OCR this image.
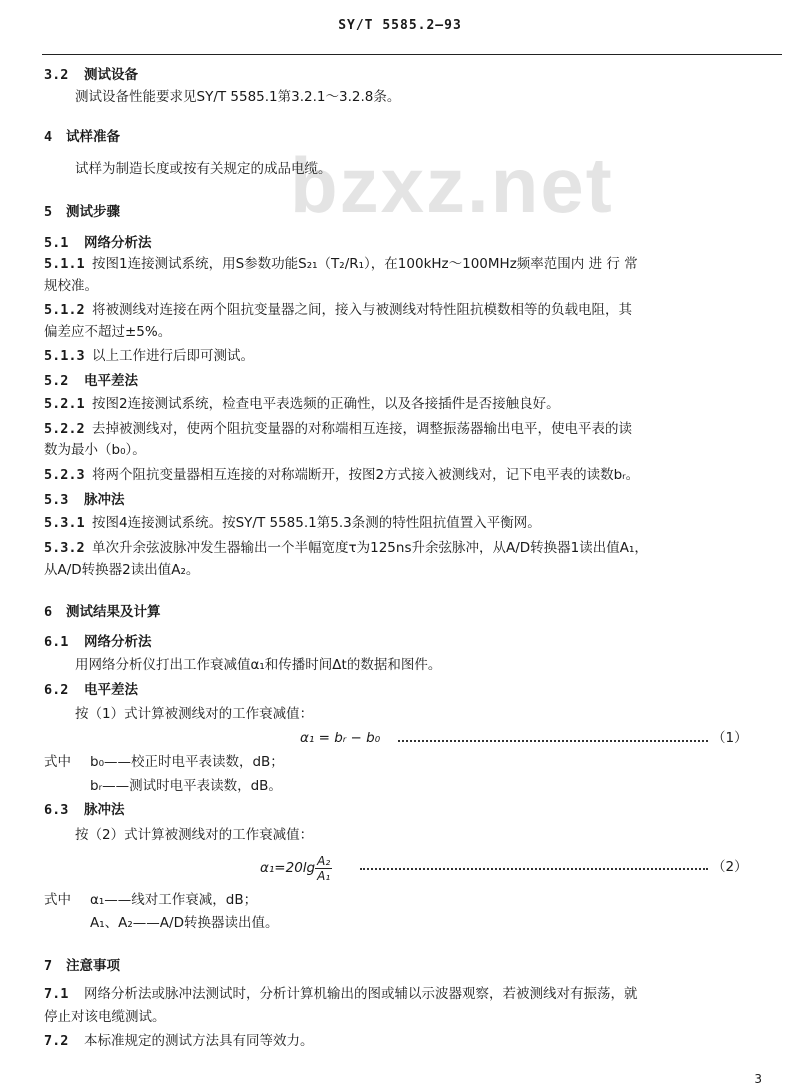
bzxz.net
SY/T 5585.2—93
3.2 测试设备
测试设备性能要求见SY/T 5585.1第3.2.1～3.2.8条。
4 试样准备
试样为制造长度或按有关规定的成品电缆。
5 测试步骤
5.1 网络分析法
5.1.1 按图1连接测试系统，用S参数功能S₂₁（T₂/R₁），在100kHz～100MHz频率范围内 进 行 常
规校准。
5.1.2 将被测线对连接在两个阻抗变量器之间，接入与被测线对特性阻抗模数相等的负载电阻，其
偏差应不超过±5%。
5.1.3 以上工作进行后即可测试。
5.2 电平差法
5.2.1 按图2连接测试系统，检查电平表选频的正确性，以及各接插件是否接触良好。
5.2.2 去掉被测线对，使两个阻抗变量器的对称端相互连接，调整振荡器输出电平，使电平表的读
数为最小（b₀）。
5.2.3 将两个阻抗变量器相互连接的对称端断开，按图2方式接入被测线对，记下电平表的读数bᵣ。
5.3 脉冲法
5.3.1 按图4连接测试系统。按SY/T 5585.1第5.3条测的特性阻抗值置入平衡网。
5.3.2 单次升余弦波脉冲发生器输出一个半幅宽度τ为125ns升余弦脉冲，从A/D转换器1读出值A₁，
从A/D转换器2读出值A₂。
6 测试结果及计算
6.1 网络分析法
用网络分析仪打出工作衰减值α₁和传播时间Δt的数据和图件。
6.2 电平差法
按（1）式计算被测线对的工作衰减值：
α₁ = bᵣ − b₀	（1）
式中 b₀——校正时电平表读数，dB；
bᵣ——测试时电平表读数，dB。
6.3 脉冲法
按（2）式计算被测线对的工作衰减值：
$\alpha_1=20\lg \frac{\text{A₂}}{\text{A₁}}$	（2）
式中 α₁——线对工作衰减，dB；
A₁、A₂——A/D转换器读出值。
7 注意事项
7.1 网络分析法或脉冲法测试时，分析计算机输出的图或辅以示波器观察，若被测线对有振荡，就
停止对该电缆测试。
7.2 本标准规定的测试方法具有同等效力。
3
